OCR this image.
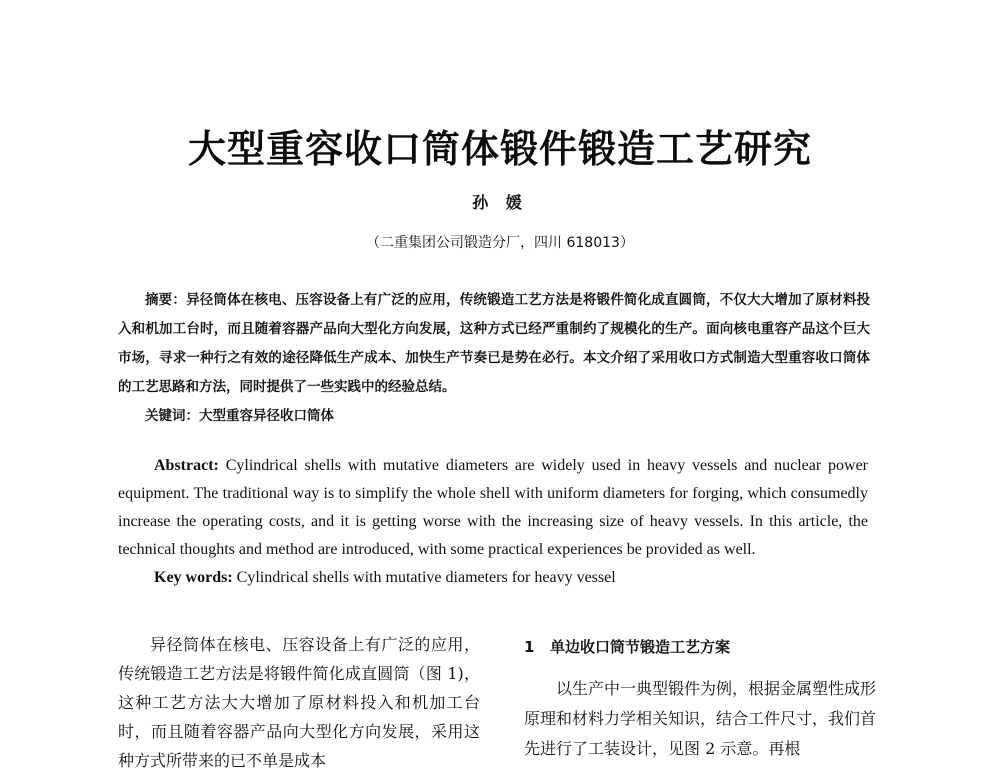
大型重容收口筒体锻件锻造工艺研究
孙 媛
（二重集团公司锻造分厂，四川 618013）

摘要：异径筒体在核电、压容设备上有广泛的应用，传统锻造工艺方法是将锻件简化成直圆筒，不仅大大增加了原材料投入和机加工台时，而且随着容器产品向大型化方向发展，这种方式已经严重制约了规模化的生产。面向核电重容产品这个巨大市场，寻求一种行之有效的途径降低生产成本、加快生产节奏已是势在必行。本文介绍了采用收口方式制造大型重容收口筒体的工艺思路和方法，同时提供了一些实践中的经验总结。

关键词：大型重容异径收口筒体

Abstract: Cylindrical shells with mutative diameters are widely used in heavy vessels and nuclear power equipment. The traditional way is to simplify the whole shell with uniform diameters for forging, which consumedly increase the operating costs, and it is getting worse with the increasing size of heavy vessels. In this article, the technical thoughts and method are introduced, with some practical experiences be provided as well.

Key words: Cylindrical shells with mutative diameters for heavy vessel

异径筒体在核电、压容设备上有广泛的应用，传统锻造工艺方法是将锻件简化成直圆筒（图 1)，这种工艺方法大大增加了原材料投入和机加工台时，而且随着容器产品向大型化方向发展，采用这种方式所带来的已不单是成本

1 单边收口筒节锻造工艺方案

以生产中一典型锻件为例，根据金属塑性成形原理和材料力学相关知识，结合工件尺寸，我们首先进行了工装设计，见图 2 示意。再根
